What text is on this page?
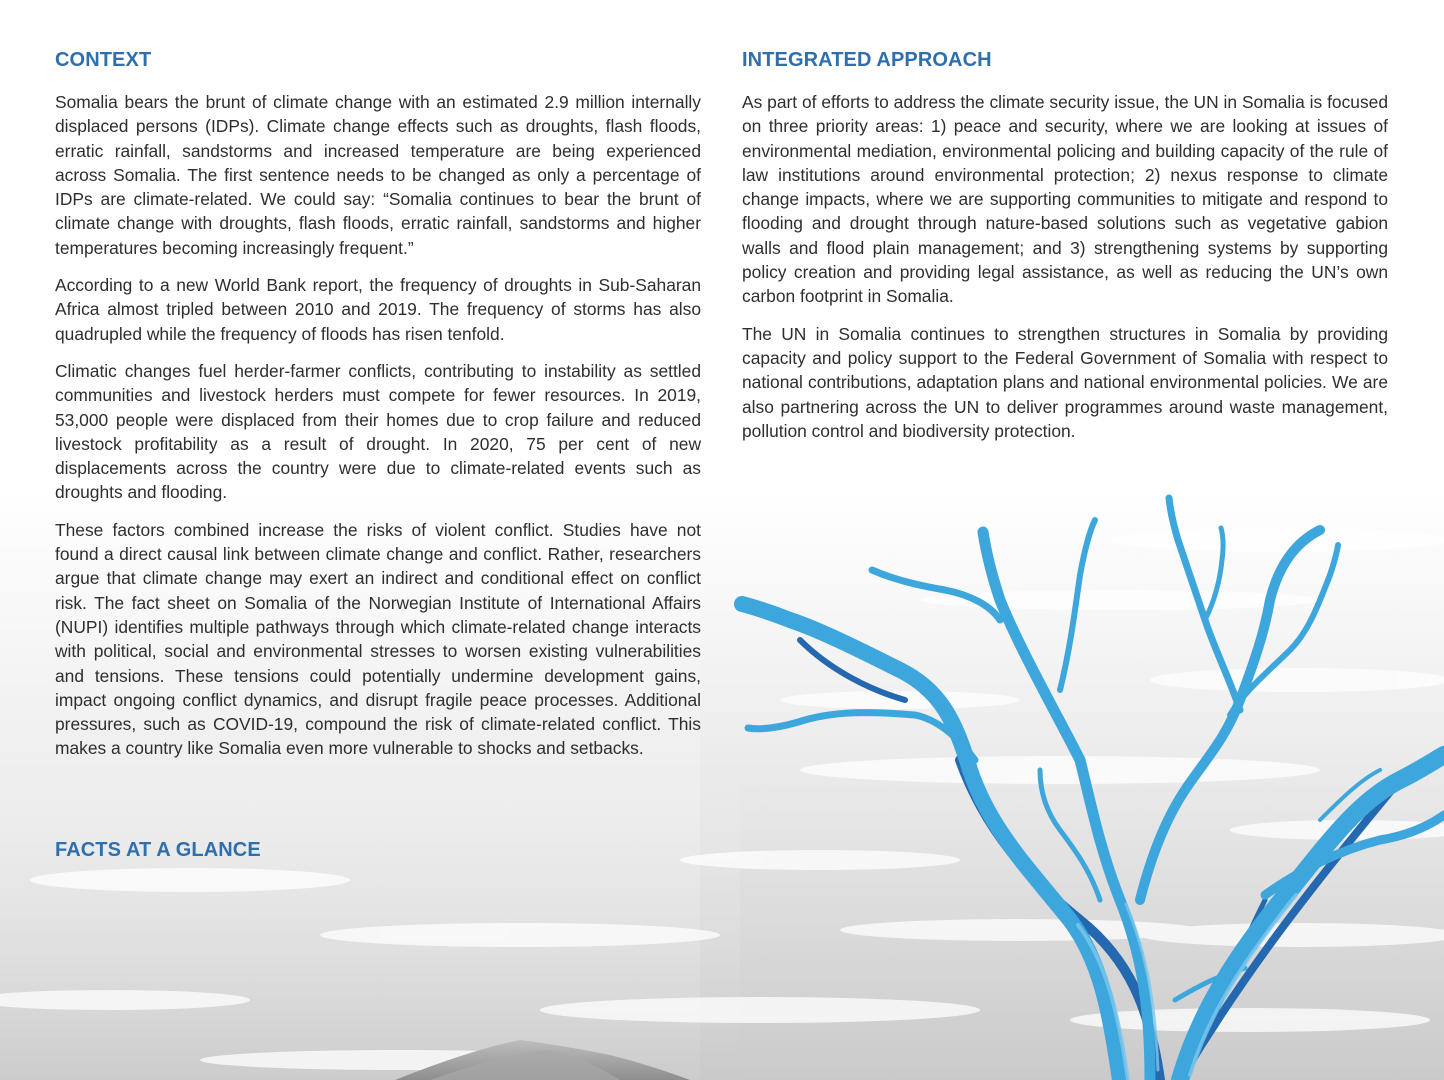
CONTEXT

Somalia bears the brunt of climate change with an estimated 2.9 million internally displaced persons (IDPs). Climate change effects such as droughts, flash floods, erratic rainfall, sandstorms and increased temperature are being experienced across Somalia. The first sentence needs to be changed as only a percentage of IDPs are climate-related. We could say: “Somalia continues to bear the brunt of climate change with droughts, flash floods, erratic rainfall, sandstorms and higher temperatures becoming increasingly frequent.”

According to a new World Bank report, the frequency of droughts in Sub-Saharan Africa almost tripled between 2010 and 2019. The frequency of storms has also quadrupled while the frequency of floods has risen tenfold.

Climatic changes fuel herder-farmer conflicts, contributing to instability as settled communities and livestock herders must compete for fewer resources. In 2019, 53,000 people were displaced from their homes due to crop failure and reduced livestock profitability as a result of drought. In 2020, 75 per cent of new displacements across the country were due to climate-related events such as droughts and flooding.

These factors combined increase the risks of violent conflict. Studies have not found a direct causal link between climate change and conflict. Rather, researchers argue that climate change may exert an indirect and conditional effect on conflict risk. The fact sheet on Somalia of the Norwegian Institute of International Affairs (NUPI) identifies multiple pathways through which climate-related change interacts with political, social and environmental stresses to worsen existing vulnerabilities and tensions. These tensions could potentially undermine development gains, impact ongoing conflict dynamics, and disrupt fragile peace processes. Additional pressures, such as COVID-19, compound the risk of climate-related conflict. This makes a country like Somalia even more vulnerable to shocks and setbacks.

FACTS AT A GLANCE
INTEGRATED APPROACH

As part of efforts to address the climate security issue, the UN in Somalia is focused on three priority areas: 1) peace and security, where we are looking at issues of environmental mediation, environmental policing and building capacity of the rule of law institutions around environmental protection; 2) nexus response to climate change impacts, where we are supporting communities to mitigate and respond to flooding and drought through nature-based solutions such as vegetative gabion walls and flood plain management; and 3) strengthening systems by supporting policy creation and providing legal assistance, as well as reducing the UN’s own carbon footprint in Somalia.

The UN in Somalia continues to strengthen structures in Somalia by providing capacity and policy support to the Federal Government of Somalia with respect to national contributions, adaptation plans and national environmental policies. We are also partnering across the UN to deliver programmes around waste management, pollution control and biodiversity protection.
